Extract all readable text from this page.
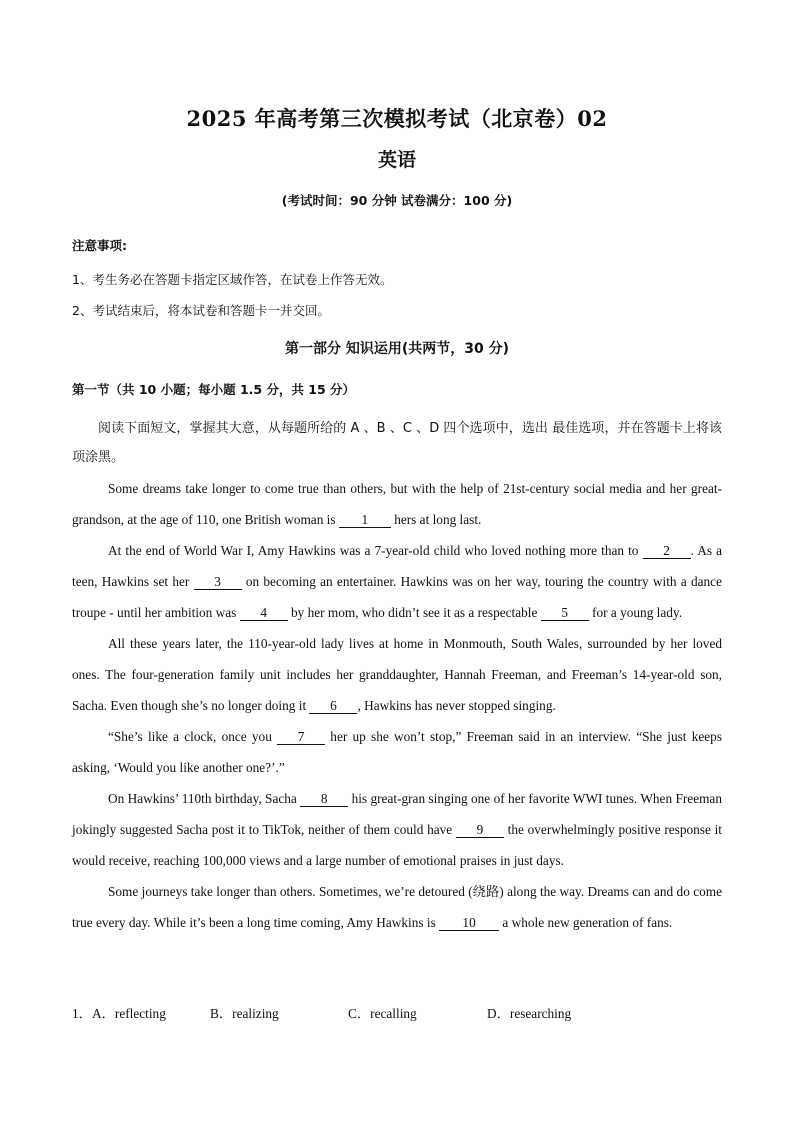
2025 年高考第三次模拟考试（北京卷）02
英语
(考试时间：90 分钟 试卷满分：100 分)
注意事项:
1、考生务必在答题卡指定区域作答，在试卷上作答无效。
2、考试结束后，将本试卷和答题卡一并交回。
第一部分 知识运用(共两节，30 分)
第一节（共 10 小题；每小题 1.5 分，共 15 分）
阅读下面短文，掌握其大意，从每题所给的 A 、B 、C 、D 四个选项中，选出 最佳选项，并在答题卡上将该项涂黑。

Some dreams take longer to come true than others, but with the help of 21st-century social media and her great-grandson, at the age of 110, one British woman is 1 hers at long last.

At the end of World War I, Amy Hawkins was a 7-year-old child who loved nothing more than to 2 . As a teen, Hawkins set her 3 on becoming an entertainer. Hawkins was on her way, touring the country with a dance troupe - until her ambition was 4 by her mom, who didn’t see it as a respectable 5 for a young lady.

All these years later, the 110-year-old lady lives at home in Monmouth, South Wales, surrounded by her loved ones. The four-generation family unit includes her granddaughter, Hannah Freeman, and Freeman’s 14-year-old son, Sacha. Even though she’s no longer doing it 6 , Hawkins has never stopped singing.

“She’s like a clock, once you 7 her up she won’t stop,” Freeman said in an interview. “She just keeps asking, ‘Would you like another one?’.”

On Hawkins’ 110th birthday, Sacha 8 his great-gran singing one of her favorite WWI tunes. When Freeman jokingly suggested Sacha post it to TikTok, neither of them could have 9 the overwhelmingly positive response it would receive, reaching 100,000 views and a large number of emotional praises in just days.

Some journeys take longer than others. Sometimes, we’re detoured (绕路) along the way. Dreams can and do come true every day. While it’s been a long time coming, Amy Hawkins is 10 a whole new generation of fans.

1． A．reflecting	B．realizing	C．recalling	D．researching
